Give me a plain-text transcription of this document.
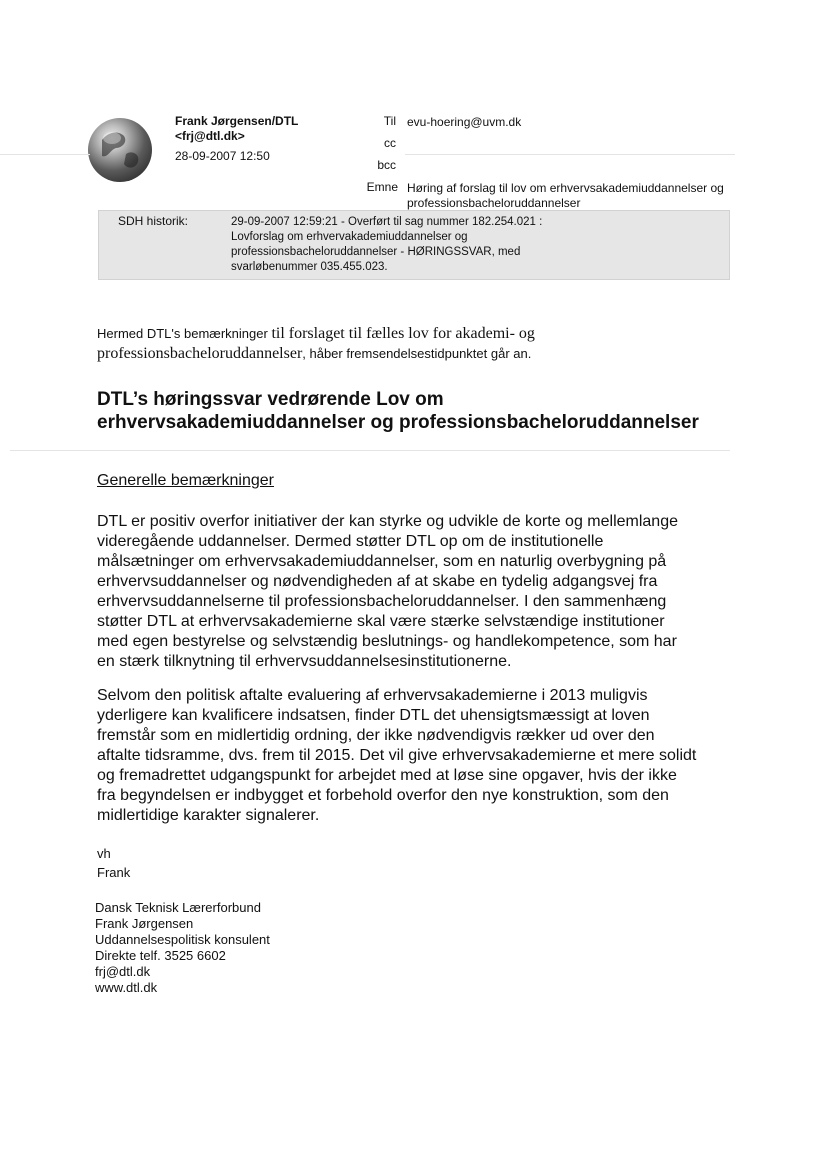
Frank Jørgensen/DTL
<frj@dtl.dk>
28-09-2007 12:50
Til evu-hoering@uvm.dk
cc
bcc
Emne Høring af forslag til lov om erhvervsakademiuddannelser og
professionsbacheloruddannelser
SDH historik:	29-09-2007 12:59:21 - Overført til sag nummer 182.254.021 :
Lovforslag om erhvervakademiuddannelser og
professionsbacheloruddannelser - HØRINGSSVAR, med
svarløbenummer 035.455.023.
Hermed DTL's bemærkninger til forslaget til fælles lov for akademi- og professionsbacheloruddannelser, håber fremsendelsestidpunktet går an.
DTL’s høringssvar vedrørende Lov om
erhvervsakademiuddannelser og professionsbacheloruddannelser
Generelle bemærkninger
DTL er positiv overfor initiativer der kan styrke og udvikle de korte og mellemlange
videregående uddannelser. Dermed støtter DTL op om de institutionelle
målsætninger om erhvervsakademiuddannelser, som en naturlig overbygning på
erhvervsuddannelser og nødvendigheden af at skabe en tydelig adgangsvej fra
erhvervsuddannelserne til professionsbacheloruddannelser. I den sammenhæng
støtter DTL at erhvervsakademierne skal være stærke selvstændige institutioner
med egen bestyrelse og selvstændig beslutnings- og handlekompetence, som har
en stærk tilknytning til erhvervsuddannelsesinstitutionerne.
Selvom den politisk aftalte evaluering af erhvervsakademierne i 2013 muligvis
yderligere kan kvalificere indsatsen, finder DTL det uhensigtsmæssigt at loven
fremstår som en midlertidig ordning, der ikke nødvendigvis rækker ud over den
aftalte tidsramme, dvs. frem til 2015. Det vil give erhvervsakademierne et mere solidt
og fremadrettet udgangspunkt for arbejdet med at løse sine opgaver, hvis der ikke
fra begyndelsen er indbygget et forbehold overfor den nye konstruktion, som den
midlertidige karakter signalerer.
vh
Frank
Dansk Teknisk Lærerforbund
Frank Jørgensen
Uddannelsespolitisk konsulent
Direkte telf. 3525 6602
frj@dtl.dk
www.dtl.dk
